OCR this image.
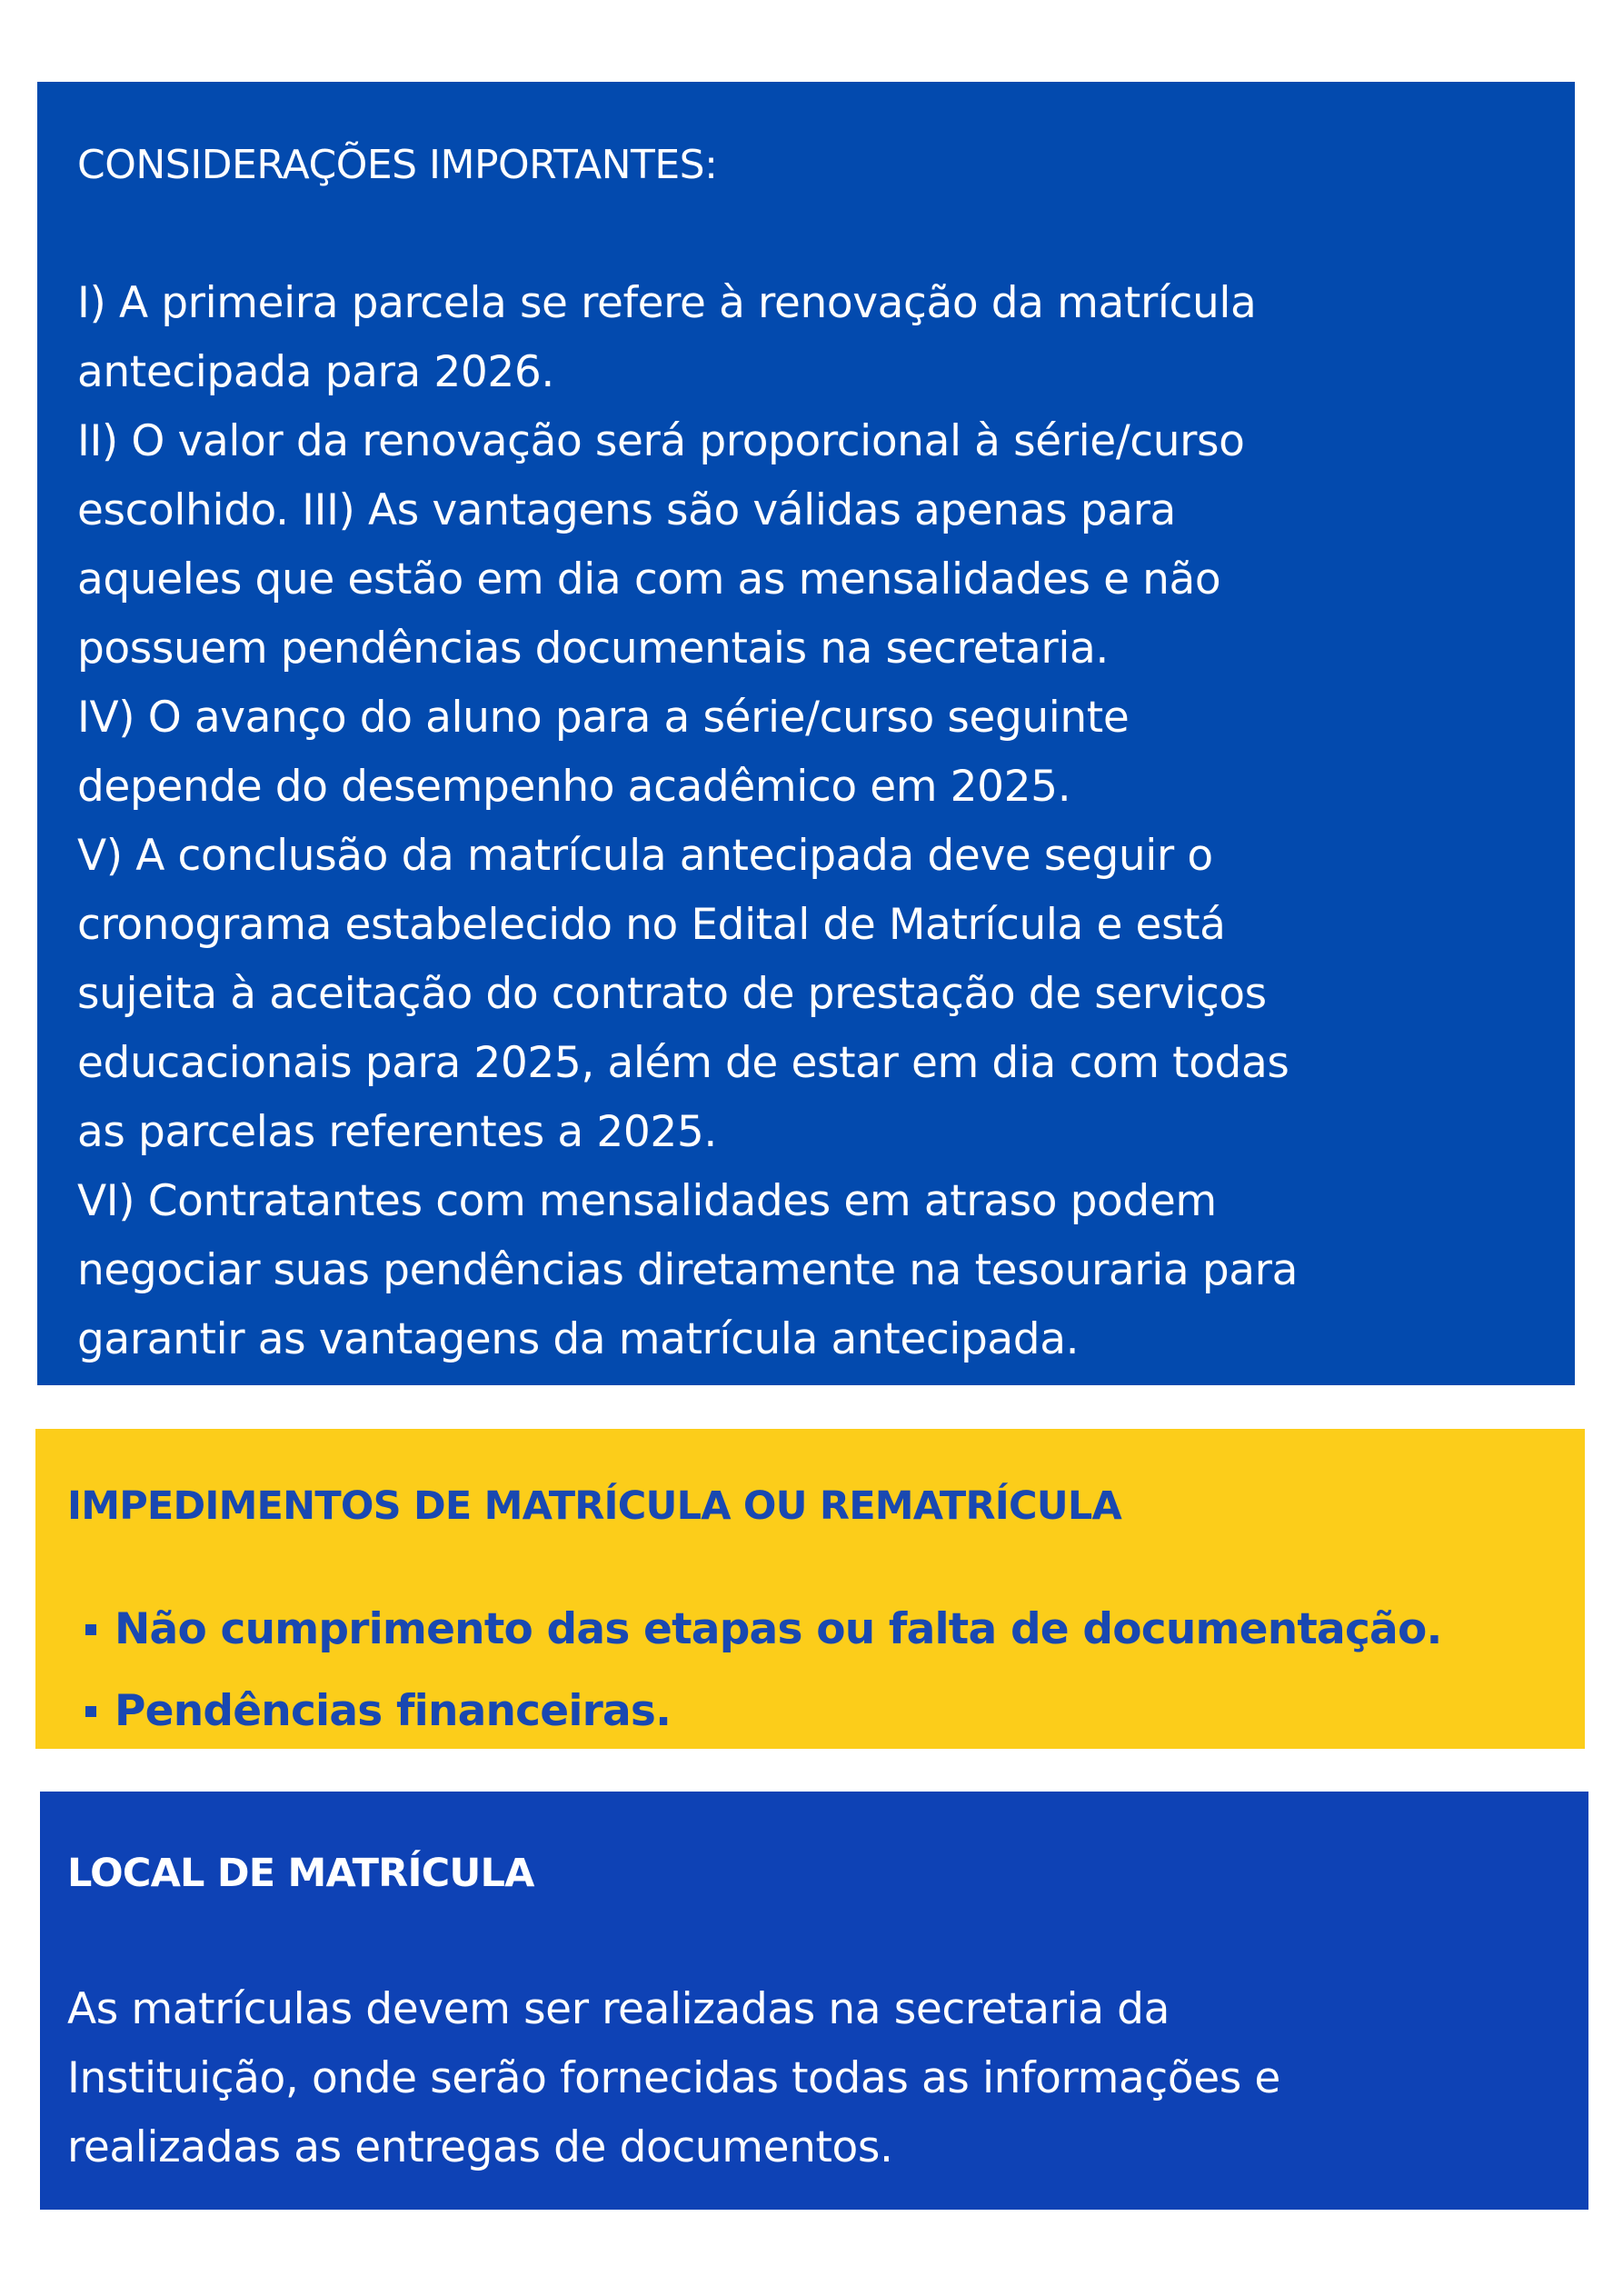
CONSIDERAÇÕES IMPORTANTES:
I) A primeira parcela se refere à renovação da matrícula
antecipada para 2026.
II) O valor da renovação será proporcional à série/curso
escolhido. III) As vantagens são válidas apenas para
aqueles que estão em dia com as mensalidades e não
possuem pendências documentais na secretaria.
IV) O avanço do aluno para a série/curso seguinte
depende do desempenho acadêmico em 2025.
V) A conclusão da matrícula antecipada deve seguir o
cronograma estabelecido no Edital de Matrícula e está
sujeita à aceitação do contrato de prestação de serviços
educacionais para 2025, além de estar em dia com todas
as parcelas referentes a 2025.
VI) Contratantes com mensalidades em atraso podem
negociar suas pendências diretamente na tesouraria para
garantir as vantagens da matrícula antecipada.
IMPEDIMENTOS DE MATRÍCULA OU REMATRÍCULA
Não cumprimento das etapas ou falta de documentação.
Pendências financeiras.
LOCAL DE MATRÍCULA
As matrículas devem ser realizadas na secretaria da
Instituição, onde serão fornecidas todas as informações e
realizadas as entregas de documentos.
